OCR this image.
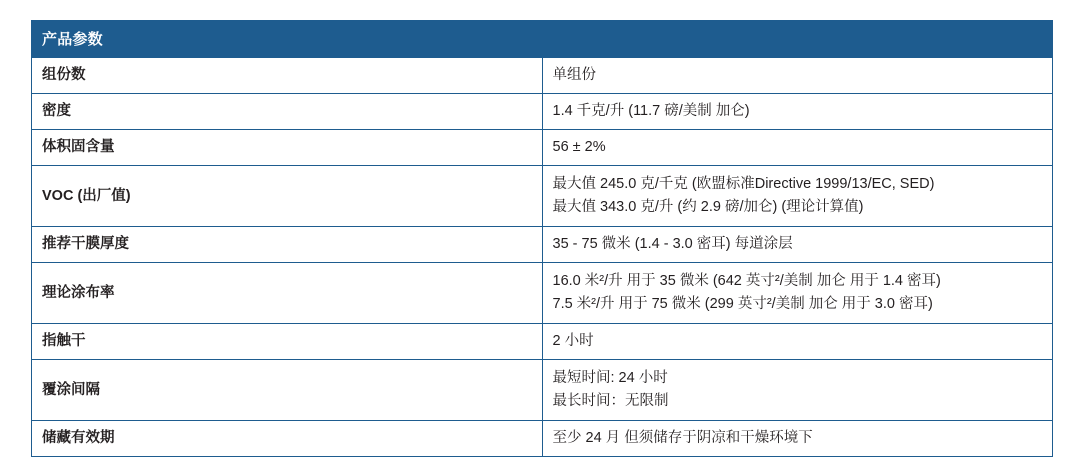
产品参数	
组份数	单组份

密度	1.4 千克/升 (11.7 磅/美制 加仑)

体积固含量	56 ± 2%

VOC (出厂值)	最大值 245.0 克/千克 (欧盟标准Directive 1999/13/EC, SED)
最大值 343.0 克/升 (约 2.9 磅/加仑) (理论计算值)

推荐干膜厚度	35 - 75 微米 (1.4 - 3.0 密耳) 每道涂层

理论涂布率	16.0 米²/升 用于 35 微米 (642 英寸²/美制 加仑 用于 1.4 密耳)
7.5 米²/升 用于 75 微米 (299 英寸²/美制 加仑 用于 3.0 密耳)

指触干	2 小时

覆涂间隔	最短时间: 24 小时
最长时间：无限制

储藏有效期	至少 24 月 但须储存于阴凉和干燥环境下
